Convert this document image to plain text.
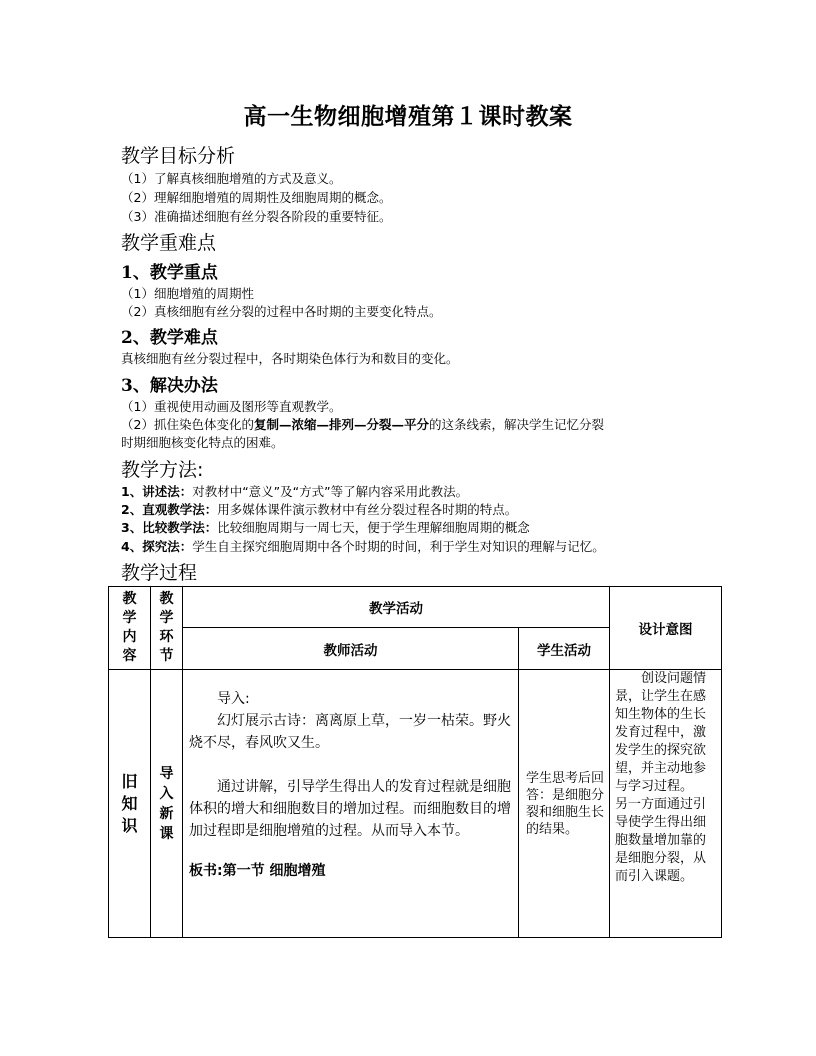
高一生物细胞增殖第１课时教案
教学目标分析
（1）了解真核细胞增殖的方式及意义。
（2）理解细胞增殖的周期性及细胞周期的概念。
（3）准确描述细胞有丝分裂各阶段的重要特征。
教学重难点
1、教学重点
（1）细胞增殖的周期性
（2）真核细胞有丝分裂的过程中各时期的主要变化特点。
2、教学难点
真核细胞有丝分裂过程中，各时期染色体行为和数目的变化。
3、解决办法
（1）重视使用动画及图形等直观教学。
（2）抓住染色体变化的复制—浓缩—排列—分裂—平分的这条线索，解决学生记忆分裂
时期细胞核变化特点的困难。
教学方法:
1、讲述法：对教材中“意义”及“方式”等了解内容采用此教法。
2、直观教学法：用多媒体课件演示教材中有丝分裂过程各时期的特点。
3、比较教学法：比较细胞周期与一周七天，便于学生理解细胞周期的概念
4、探究法：学生自主探究细胞周期中各个时期的时间，利于学生对知识的理解与记忆。
教学过程
教学内容	教学环节	教学活动		设计意图
		教师活动	学生活动	
旧知识	导入新课	　　导入:

　　幻灯展示古诗：离离原上草，一岁一枯荣。野火烧不尽，春风吹又生。

　　通过讲解，引导学生得出人的发育过程就是细胞体积的增大和细胞数目的增加过程。而细胞数目的增加过程即是细胞增殖的过程。从而导入本节。

板书:第一节 细胞增殖	学生思考后回答：是细胞分裂和细胞生长的结果。	　　创设问题情景，让学生在感知生物体的生长发育过程中，激发学生的探究欲望，并主动地参与学习过程。　　另一方面通过引导使学生得出细胞数量增加靠的是细胞分裂，从而引入课题。
